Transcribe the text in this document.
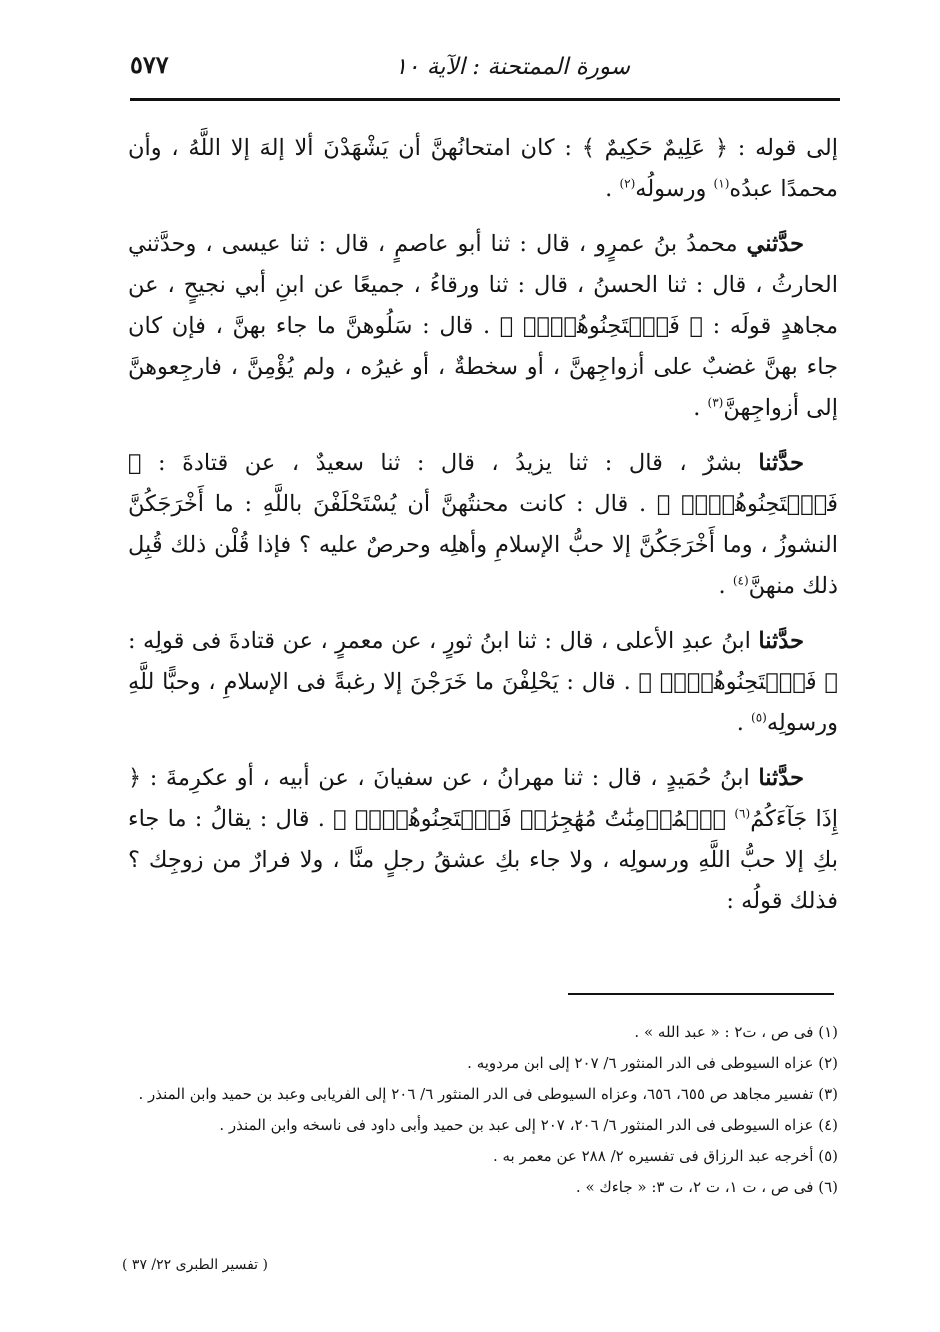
سورة الممتحنة : الآية ١٠
٥٧٧

إلى قوله : ﴿ عَلِيمٌ حَكِيمٌ ﴾ : كان امتحانُهنَّ أن يَشْهَدْنَ ألا إلهَ إلا اللَّهُ ، وأن محمدًا عبدُه$^{(١)}$ ورسولُه$^{(٢)}$ .

حدَّثني محمدُ بنُ عمرٍو ، قال : ثنا أبو عاصمٍ ، قال : ثنا عيسى ، وحدَّثني الحارثُ ، قال : ثنا الحسنُ ، قال : ثنا ورقاءُ ، جميعًا عن ابنِ أبي نجيحٍ ، عن مجاهدٍ قولَه : ﴿ فَٱمۡتَحِنُوهُنَّۖ ﴾ . قال : سَلُوهنَّ ما جاء بهنَّ ، فإن كان جاء بهنَّ غضبٌ على أزواجِهنَّ ، أو سخطةٌ ، أو غيرُه ، ولم يُؤْمِنَّ ، فارجِعوهنَّ إلى أزواجِهنَّ$^{(٣)}$ .

حدَّثنا بشرٌ ، قال : ثنا يزيدُ ، قال : ثنا سعيدٌ ، عن قتادةَ : ﴿ فَٱمۡتَحِنُوهُنَّۖ ﴾ . قال : كانت محنتُهنَّ أن يُسْتَحْلَفْنَ باللَّهِ : ما أَخْرَجَكُنَّ النشوزُ ، وما أَخْرَجَكُنَّ إلا حبُّ الإسلامِ وأهلِه وحرصٌ عليه ؟ فإذا قُلْن ذلك قُبِل ذلك منهنَّ$^{(٤)}$ .

حدَّثنا ابنُ عبدِ الأعلى ، قال : ثنا ابنُ ثورٍ ، عن معمرٍ ، عن قتادةَ فى قولِه : ﴿ فَٱمۡتَحِنُوهُنَّۖ ﴾ . قال : يَحْلِفْنَ ما خَرَجْنَ إلا رغبةً فى الإسلامِ ، وحبًّا للَّهِ ورسولِه$^{(٥)}$ .

حدَّثنا ابنُ حُمَيدٍ ، قال : ثنا مهرانُ ، عن سفيانَ ، عن أبيه ، أو عكرِمةَ : ﴿ إِذَا جَآءَكُمُ$^{(٦)}$ ٱلۡمُؤۡمِنَٰتُ مُهَٰجِرَٰتٖ فَٱمۡتَحِنُوهُنَّۖ ﴾ . قال : يقالُ : ما جاء بكِ إلا حبُّ اللَّهِ ورسولِه ، ولا جاء بكِ عشقُ رجلٍ منَّا ، ولا فرارٌ من زوجِك ؟ فذلك قولُه :

(١) فى ص ، ت٢ : « عبد الله » .

(٢) عزاه السيوطى فى الدر المنثور ٦/ ٢٠٧ إلى ابن مردويه .

(٣) تفسير مجاهد ص ٦٥٥، ٦٥٦، وعزاه السيوطى فى الدر المنثور ٦/ ٢٠٦ إلى الفريابى وعبد بن حميد وابن المنذر .

(٤) عزاه السيوطى فى الدر المنثور ٦/ ٢٠٦، ٢٠٧ إلى عبد بن حميد وأبى داود فى ناسخه وابن المنذر .

(٥) أخرجه عبد الرزاق فى تفسيره ٢/ ٢٨٨ عن معمر به .

(٦) فى ص ، ت ١، ت ٢، ت ٣: « جاءك » .

( تفسير الطبرى ٢٢/ ٣٧ )
